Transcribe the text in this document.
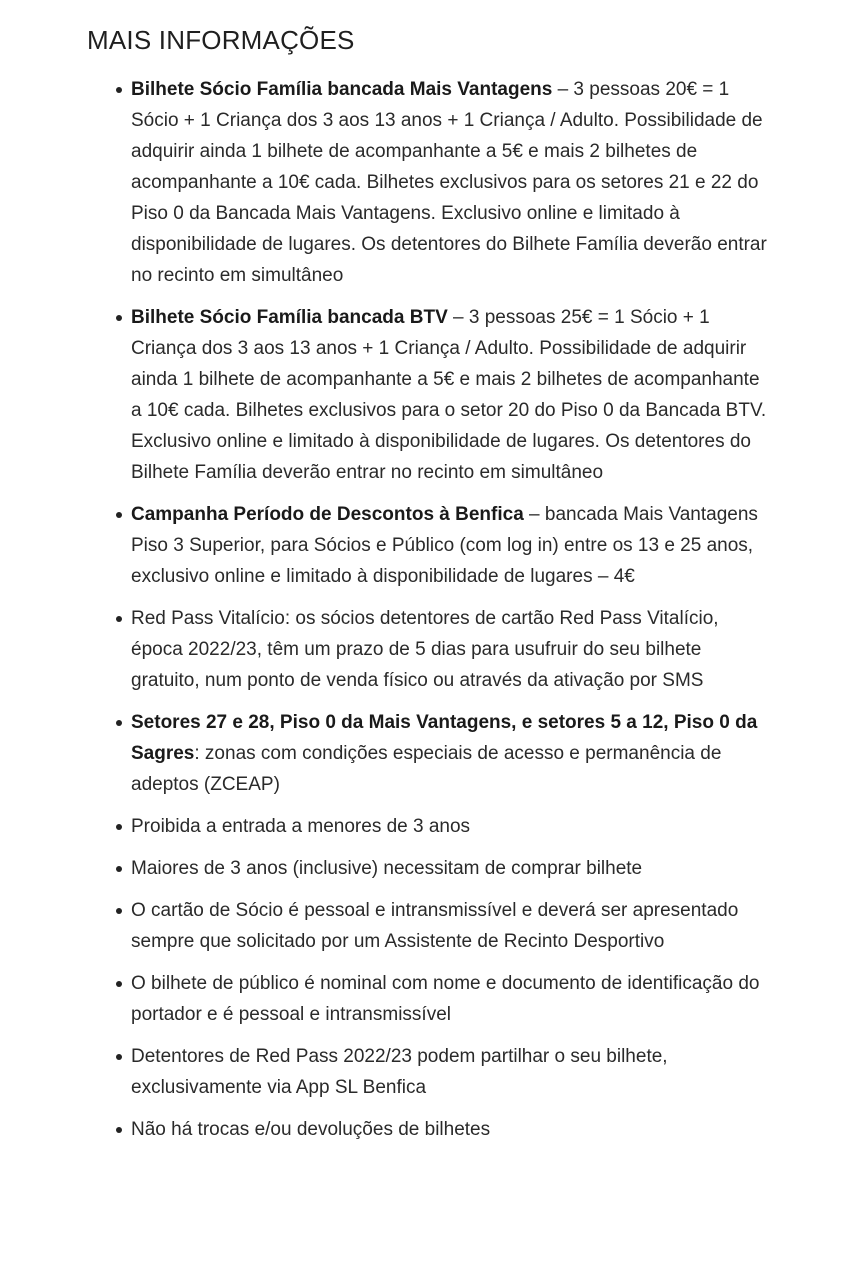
MAIS INFORMAÇÕES
Bilhete Sócio Família bancada Mais Vantagens – 3 pessoas 20€ = 1 Sócio + 1 Criança dos 3 aos 13 anos + 1 Criança / Adulto. Possibilidade de adquirir ainda 1 bilhete de acompanhante a 5€ e mais 2 bilhetes de acompanhante a 10€ cada. Bilhetes exclusivos para os setores 21 e 22 do Piso 0 da Bancada Mais Vantagens. Exclusivo online e limitado à disponibilidade de lugares. Os detentores do Bilhete Família deverão entrar no recinto em simultâneo
Bilhete Sócio Família bancada BTV – 3 pessoas 25€ = 1 Sócio + 1 Criança dos 3 aos 13 anos + 1 Criança / Adulto. Possibilidade de adquirir ainda 1 bilhete de acompanhante a 5€ e mais 2 bilhetes de acompanhante a 10€ cada. Bilhetes exclusivos para o setor 20 do Piso 0 da Bancada BTV. Exclusivo online e limitado à disponibilidade de lugares. Os detentores do Bilhete Família deverão entrar no recinto em simultâneo
Campanha Período de Descontos à Benfica – bancada Mais Vantagens Piso 3 Superior, para Sócios e Público (com log in) entre os 13 e 25 anos, exclusivo online e limitado à disponibilidade de lugares – 4€
Red Pass Vitalício: os sócios detentores de cartão Red Pass Vitalício, época 2022/23, têm um prazo de 5 dias para usufruir do seu bilhete gratuito, num ponto de venda físico ou através da ativação por SMS
Setores 27 e 28, Piso 0 da Mais Vantagens, e setores 5 a 12, Piso 0 da Sagres: zonas com condições especiais de acesso e permanência de adeptos (ZCEAP)
Proibida a entrada a menores de 3 anos
Maiores de 3 anos (inclusive) necessitam de comprar bilhete
O cartão de Sócio é pessoal e intransmissível e deverá ser apresentado sempre que solicitado por um Assistente de Recinto Desportivo
O bilhete de público é nominal com nome e documento de identificação do portador e é pessoal e intransmissível
Detentores de Red Pass 2022/23 podem partilhar o seu bilhete, exclusivamente via App SL Benfica
Não há trocas e/ou devoluções de bilhetes
